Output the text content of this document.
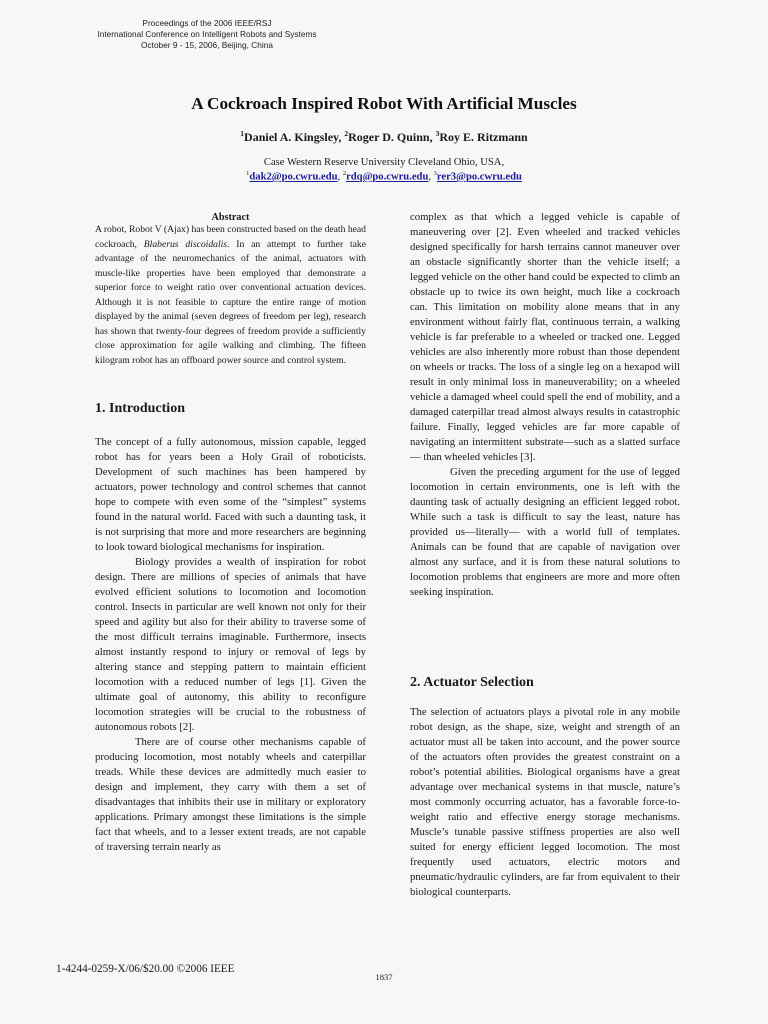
Proceedings of the 2006 IEEE/RSJ
International Conference on Intelligent Robots and Systems
October 9 - 15, 2006, Beijing, China
A Cockroach Inspired Robot With Artificial Muscles
$^1$Daniel A. Kingsley, $^2$Roger D. Quinn, $^3$Roy E. Ritzmann
Case Western Reserve University Cleveland Ohio, USA,
$^1$dak2@po.cwru.edu, $^2$rdq@po.cwru.edu, $^3$rer3@po.cwru.edu

Abstract

A robot, Robot V (Ajax) has been constructed based on the death head cockroach, Blaberus discoidalis. In an attempt to further take advantage of the neuromechanics of the animal, actuators with muscle-like properties have been employed that demonstrate a superior force to weight ratio over conventional actuation devices. Although it is not feasible to capture the entire range of motion displayed by the animal (seven degrees of freedom per leg), research has shown that twenty-four degrees of freedom provide a sufficiently close approximation for agile walking and climbing. The fifteen kilogram robot has an offboard power source and control system.

1. Introduction

The concept of a fully autonomous, mission capable, legged robot has for years been a Holy Grail of roboticists. Development of such machines has been hampered by actuators, power technology and control schemes that cannot hope to compete with even some of the “simplest” systems found in the natural world. Faced with such a daunting task, it is not surprising that more and more researchers are beginning to look toward biological mechanisms for inspiration.

Biology provides a wealth of inspiration for robot design. There are millions of species of animals that have evolved efficient solutions to locomotion and locomotion control. Insects in particular are well known not only for their speed and agility but also for their ability to traverse some of the most difficult terrains imaginable. Furthermore, insects almost instantly respond to injury or removal of legs by altering stance and stepping pattern to maintain efficient locomotion with a reduced number of legs [1]. Given the ultimate goal of autonomy, this ability to reconfigure locomotion strategies will be crucial to the robustness of autonomous robots [2].

There are of course other mechanisms capable of producing locomotion, most notably wheels and caterpillar treads. While these devices are admittedly much easier to design and implement, they carry with them a set of disadvantages that inhibits their use in military or exploratory applications. Primary amongst these limitations is the simple fact that wheels, and to a lesser extent treads, are not capable of traversing terrain nearly as

complex as that which a legged vehicle is capable of maneuvering over [2]. Even wheeled and tracked vehicles designed specifically for harsh terrains cannot maneuver over an obstacle significantly shorter than the vehicle itself; a legged vehicle on the other hand could be expected to climb an obstacle up to twice its own height, much like a cockroach can. This limitation on mobility alone means that in any environment without fairly flat, continuous terrain, a walking vehicle is far preferable to a wheeled or tracked one. Legged vehicles are also inherently more robust than those dependent on wheels or tracks. The loss of a single leg on a hexapod will result in only minimal loss in maneuverability; on a wheeled vehicle a damaged wheel could spell the end of mobility, and a damaged caterpillar tread almost always results in catastrophic failure. Finally, legged vehicles are far more capable of navigating an intermittent substrate—such as a slatted surface— than wheeled vehicles [3].

Given the preceding argument for the use of legged locomotion in certain environments, one is left with the daunting task of actually designing an efficient legged robot. While such a task is difficult to say the least, nature has provided us—literally— with a world full of templates. Animals can be found that are capable of navigation over almost any surface, and it is from these natural solutions to locomotion problems that engineers are more and more often seeking inspiration.

2. Actuator Selection

The selection of actuators plays a pivotal role in any mobile robot design, as the shape, size, weight and strength of an actuator must all be taken into account, and the power source of the actuators often provides the greatest constraint on a robot’s potential abilities. Biological organisms have a great advantage over mechanical systems in that muscle, nature’s most commonly occurring actuator, has a favorable force-to-weight ratio and effective energy storage mechanisms. Muscle’s tunable passive stiffness properties are also well suited for energy efficient legged locomotion. The most frequently used actuators, electric motors and pneumatic/hydraulic cylinders, are far from equivalent to their biological counterparts.

1-4244-0259-X/06/$20.00 ©2006 IEEE
1837
